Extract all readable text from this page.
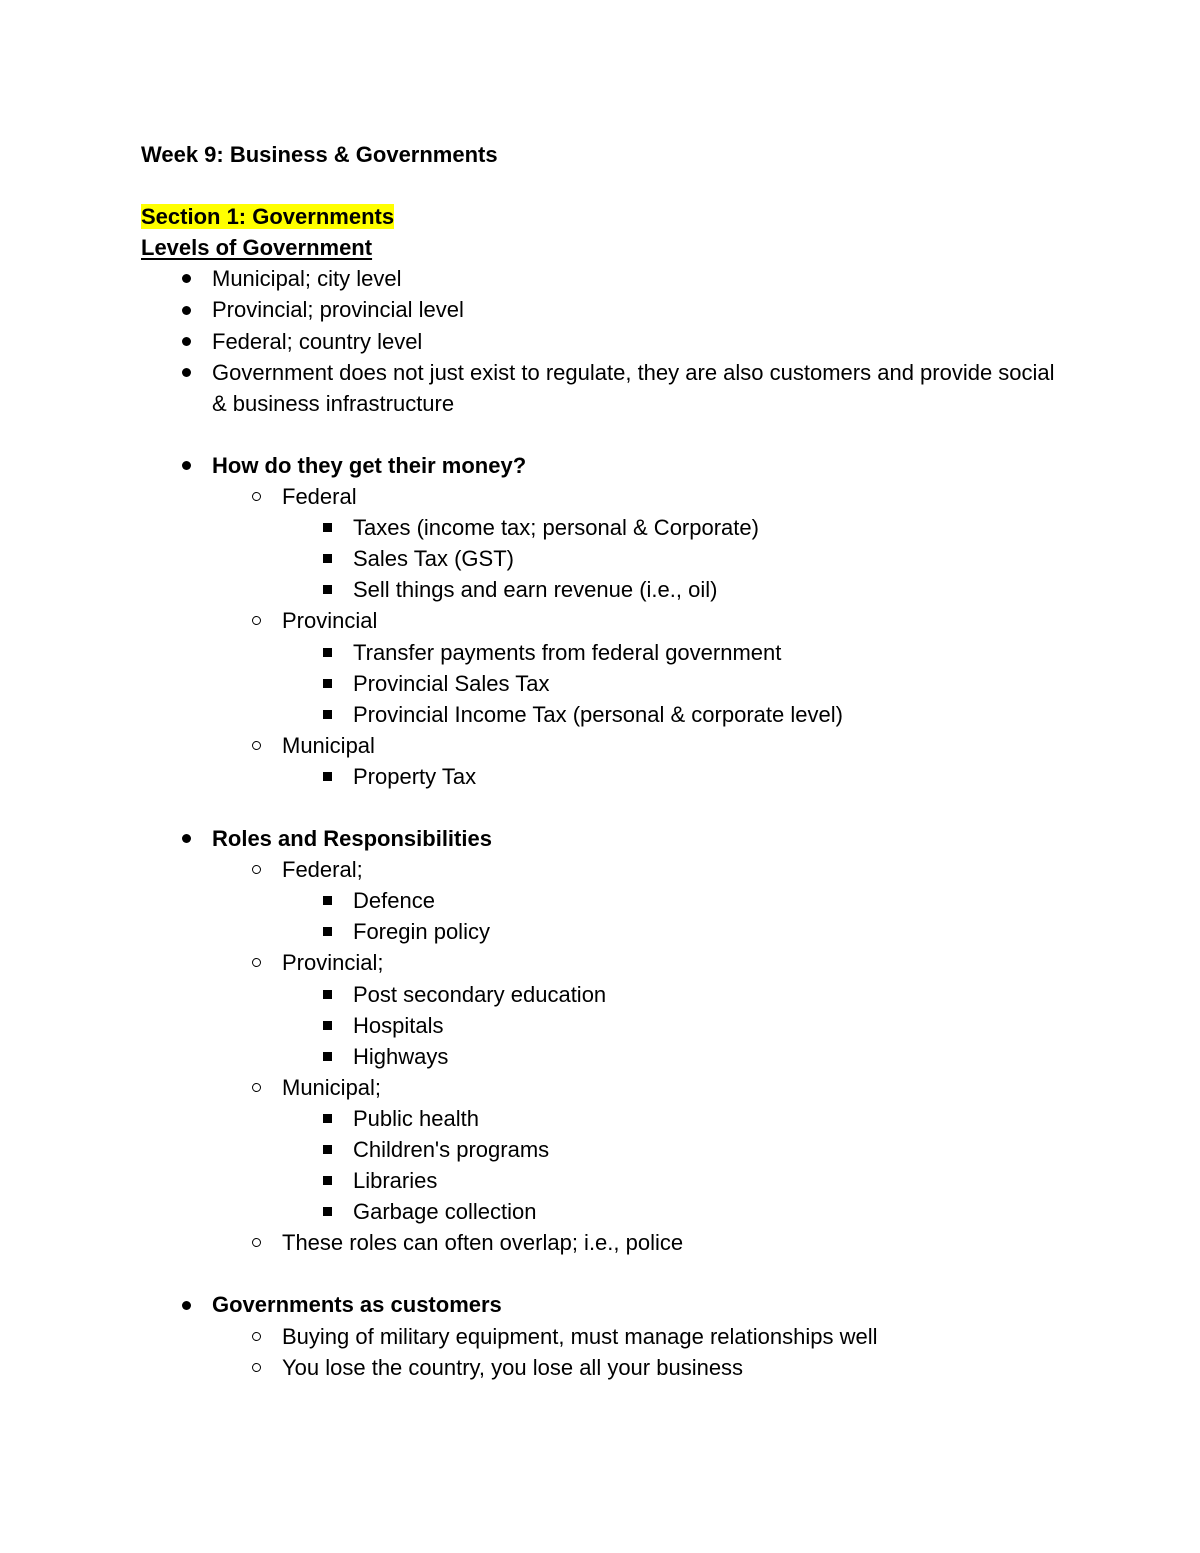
Week 9: Business & Governments
Section 1: Governments
Levels of Government
Municipal; city level
Provincial; provincial level
Federal; country level
Government does not just exist to regulate, they are also customers and provide social & business infrastructure
How do they get their money?
Federal
Taxes (income tax; personal & Corporate)
Sales Tax (GST)
Sell things and earn revenue (i.e., oil)
Provincial
Transfer payments from federal government
Provincial Sales Tax
Provincial Income Tax (personal & corporate level)
Municipal
Property Tax
Roles and Responsibilities
Federal;
Defence
Foregin policy
Provincial;
Post secondary education
Hospitals
Highways
Municipal;
Public health
Children's programs
Libraries
Garbage collection
These roles can often overlap; i.e., police
Governments as customers
Buying of military equipment, must manage relationships well
You lose the country, you lose all your business
